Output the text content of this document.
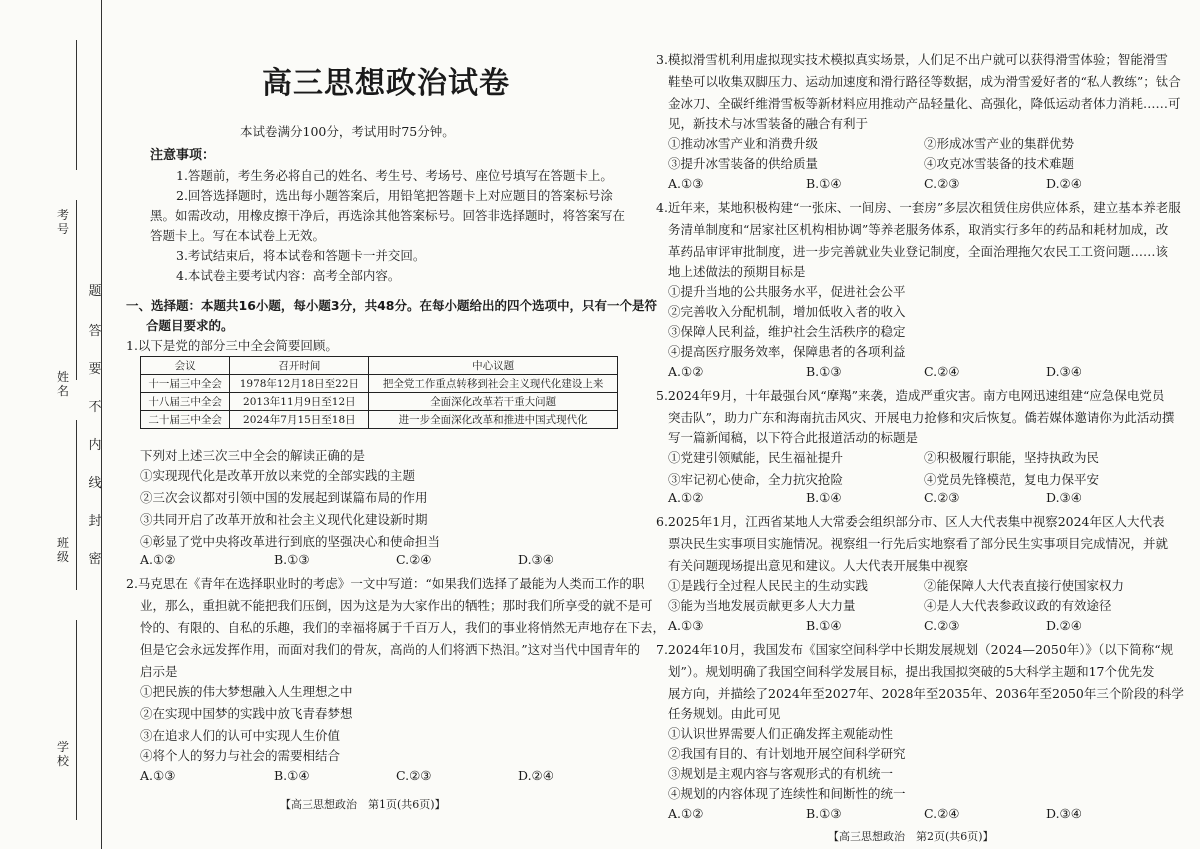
考号
姓名
班级
学校
题
答
要
不
内
线
封
密
高三思想政治试卷
本试卷满分100分，考试用时75分钟。
注意事项：
1.答题前，考生务必将自己的姓名、考生号、考场号、座位号填写在答题卡上。
2.回答选择题时，选出每小题答案后，用铅笔把答题卡上对应题目的答案标号涂
黑。如需改动，用橡皮擦干净后，再选涂其他答案标号。回答非选择题时，将答案写在
答题卡上。写在本试卷上无效。
3.考试结束后，将本试卷和答题卡一并交回。
4.本试卷主要考试内容：高考全部内容。
一、选择题：本题共16小题，每小题3分，共48分。在每小题给出的四个选项中，只有一个是符
合题目要求的。
1.以下是党的部分三中全会简要回顾。
会议	召开时间	中心议题
十一届三中全会	1978年12月18日至22日	把全党工作重点转移到社会主义现代化建设上来
十八届三中全会	2013年11月9日至12日	全面深化改革若干重大问题
二十届三中全会	2024年7月15日至18日	进一步全面深化改革和推进中国式现代化
下列对上述三次三中全会的解读正确的是
①实现现代化是改革开放以来党的全部实践的主题
②三次会议都对引领中国的发展起到谋篇布局的作用
③共同开启了改革开放和社会主义现代化建设新时期
④彰显了党中央将改革进行到底的坚强决心和使命担当
A.①②	B.①③	C.②④	D.③④
2.马克思在《青年在选择职业时的考虑》一文中写道：“如果我们选择了最能为人类而工作的职
业，那么，重担就不能把我们压倒，因为这是为大家作出的牺牲；那时我们所享受的就不是可
怜的、有限的、自私的乐趣，我们的幸福将属于千百万人，我们的事业将悄然无声地存在下去，
但是它会永远发挥作用，而面对我们的骨灰，高尚的人们将洒下热泪。”这对当代中国青年的
启示是
①把民族的伟大梦想融入人生理想之中
②在实现中国梦的实践中放飞青春梦想
③在追求人们的认可中实现人生价值
④将个人的努力与社会的需要相结合
A.①③	B.①④	C.②③	D.②④
【高三思想政治　第1页(共6页)】
3.模拟滑雪机利用虚拟现实技术模拟真实场景，人们足不出户就可以获得滑雪体验；智能滑雪
鞋垫可以收集双脚压力、运动加速度和滑行路径等数据，成为滑雪爱好者的“私人教练”；钛合
金冰刀、全碳纤维滑雪板等新材料应用推动产品轻量化、高强化，降低运动者体力消耗……可
见，新技术与冰雪装备的融合有利于
①推动冰雪产业和消费升级	②形成冰雪产业的集群优势
③提升冰雪装备的供给质量	④攻克冰雪装备的技术难题
A.①③	B.①④	C.②③	D.②④
4.近年来，某地积极构建“一张床、一间房、一套房”多层次租赁住房供应体系，建立基本养老服
务清单制度和“居家社区机构相协调”等养老服务体系，取消实行多年的药品和耗材加成，改
革药品审评审批制度，进一步完善就业失业登记制度，全面治理拖欠农民工工资问题……该
地上述做法的预期目标是
①提升当地的公共服务水平，促进社会公平
②完善收入分配机制，增加低收入者的收入
③保障人民利益，维护社会生活秩序的稳定
④提高医疗服务效率，保障患者的各项利益
A.①②	B.①③	C.②④	D.③④
5.2024年9月，十年最强台风“摩羯”来袭，造成严重灾害。南方电网迅速组建“应急保电党员
突击队”，助力广东和海南抗击风灾、开展电力抢修和灾后恢复。僑若媒体邀请你为此活动撰
写一篇新闻稿，以下符合此报道活动的标题是
①党建引领赋能，民生福祉提升	②积极履行职能，坚持执政为民
③牢记初心使命，全力抗灾抢险	④党员先锋模范，复电力保平安
A.①②	B.①④	C.②③	D.③④
6.2025年1月，江西省某地人大常委会组织部分市、区人大代表集中视察2024年区人大代表
票决民生实事项目实施情况。视察组一行先后实地察看了部分民生实事项目完成情况，并就
有关问题现场提出意见和建议。人大代表开展集中视察
①是践行全过程人民民主的生动实践	②能保障人大代表直接行使国家权力
③能为当地发展贡献更多人大力量	④是人大代表参政议政的有效途径
A.①③	B.①④	C.②③	D.②④
7.2024年10月，我国发布《国家空间科学中长期发展规划（2024—2050年）》（以下简称“规
划”）。规划明确了我国空间科学发展目标，提出我国拟突破的5大科学主题和17个优先发
展方向，并描绘了2024年至2027年、2028年至2035年、2036年至2050年三个阶段的科学
任务规划。由此可见
①认识世界需要人们正确发挥主观能动性
②我国有目的、有计划地开展空间科学研究
③规划是主观内容与客观形式的有机统一
④规划的内容体现了连续性和间断性的统一
A.①②	B.①③	C.②④	D.③④
【高三思想政治　第2页(共6页)】
